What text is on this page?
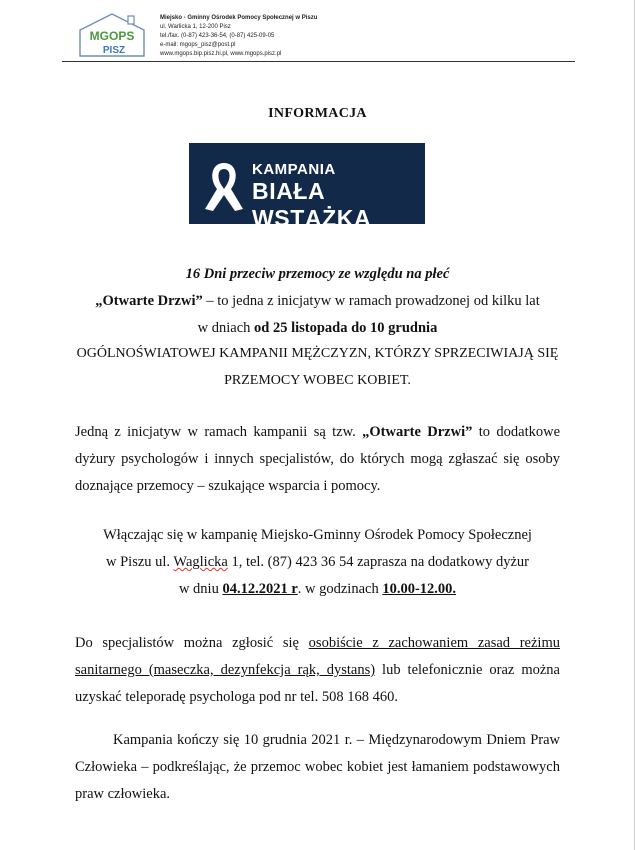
MGOPS
PISZ
Miejsko - Gminny Ośrodek Pomocy Społecznej w Piszu
ul. Warlicka 1, 12-200 Pisz
tel./fax. (0-87) 423-36-54, (0-87) 425-09-05
e-mail: mgops_pisz@post.pl
www.mgops.bip.pisz.hi.pl, www.mgops.pisz.pl
INFORMACJA
KAMPANIA
BIAŁA WSTĄŻKA
16 Dni przeciw przemocy ze względu na płeć
„Otwarte Drzwi” – to jedna z inicjatyw w ramach prowadzonej od kilku lat
w dniach od 25 listopada do 10 grudnia
OGÓLNOŚWIATOWEJ KAMPANII MĘŻCZYZN, KTÓRZY SPRZECIWIAJĄ SIĘ
PRZEMOCY WOBEC KOBIET.
Jedną z inicjatyw w ramach kampanii są tzw. „Otwarte Drzwi” to dodatkowe dyżury psychologów i innych specjalistów, do których mogą zgłaszać się osoby doznające przemocy – szukające wsparcia i pomocy.
Włączając się w kampanię Miejsko-Gminny Ośrodek Pomocy Społecznej
w Piszu ul. Waglicka 1, tel. (87) 423 36 54 zaprasza na dodatkowy dyżur
w dniu 04.12.2021 r. w godzinach 10.00-12.00.
Do specjalistów można zgłosić się osobiście z zachowaniem zasad reżimu sanitarnego (maseczka, dezynfekcja rąk, dystans) lub telefonicznie oraz można uzyskać teleporadę psychologa pod nr tel. 508 168 460.
Kampania kończy się 10 grudnia 2021 r. – Międzynarodowym Dniem Praw Człowieka – podkreślając, że przemoc wobec kobiet jest łamaniem podstawowych praw człowieka.
